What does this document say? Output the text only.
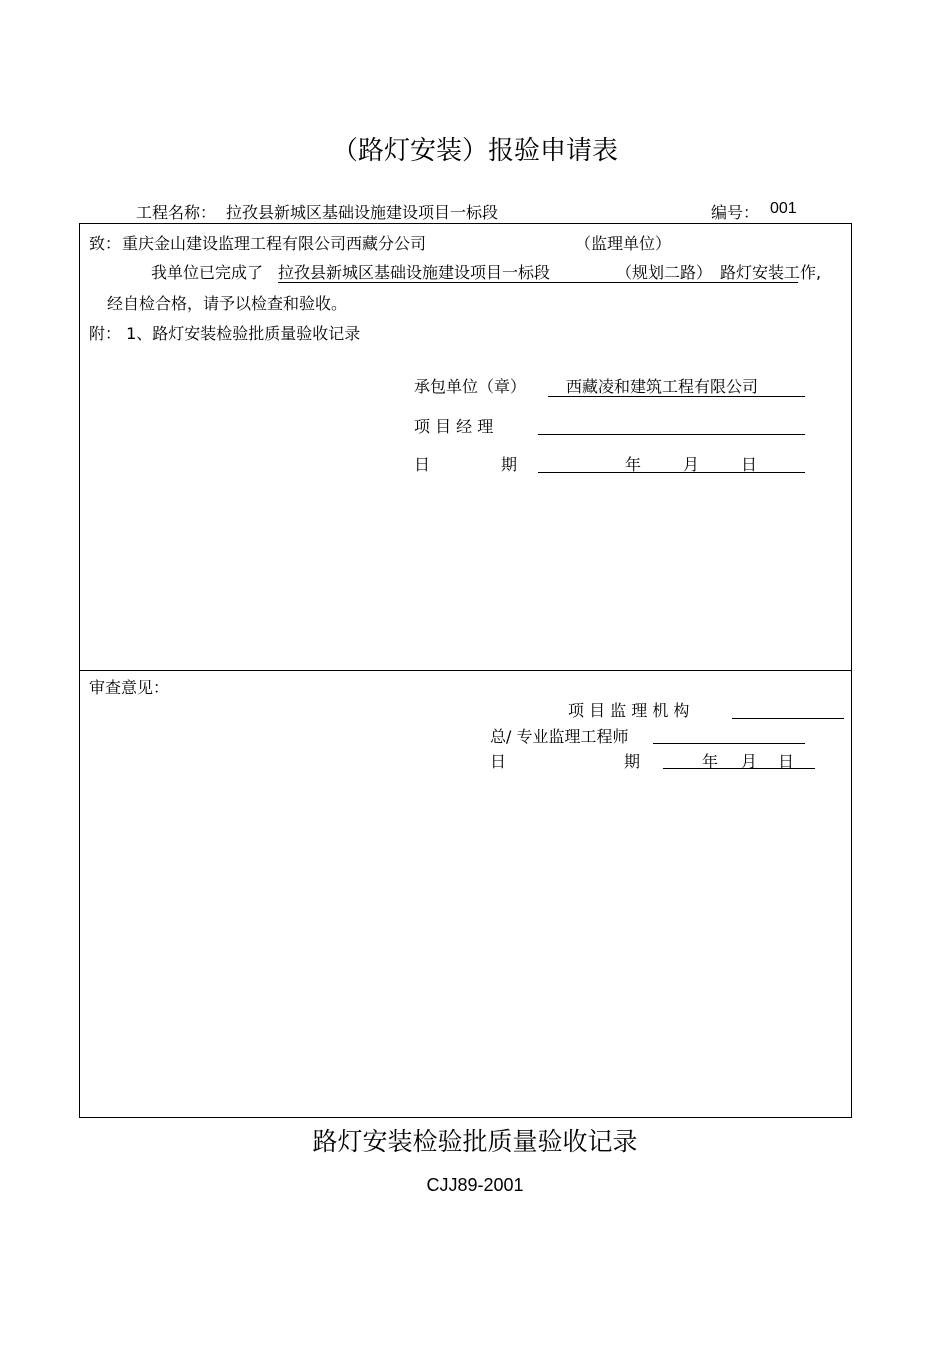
（路灯安装）报验申请表
工程名称： 拉孜县新城区基础设施建设项目一标段	编号： 001
致： 重庆金山建设监理工程有限公司西藏分公司	（监理单位）
我单位已完成了 拉孜县新城区基础设施建设项目一标段	（规划二路） 路灯安装工作,
经自检合格，请予以检查和验收。
附： 1、路灯安装检验批质量验收记录
承包单位（章） 西藏凌和建筑工程有限公司
项 目 经 理
日	期	年	月	日
审查意见：
项 目 监 理 机 构
总/ 专业监理工程师
日	期	年 月 日
路灯安装检验批质量验收记录
CJJ89-2001
